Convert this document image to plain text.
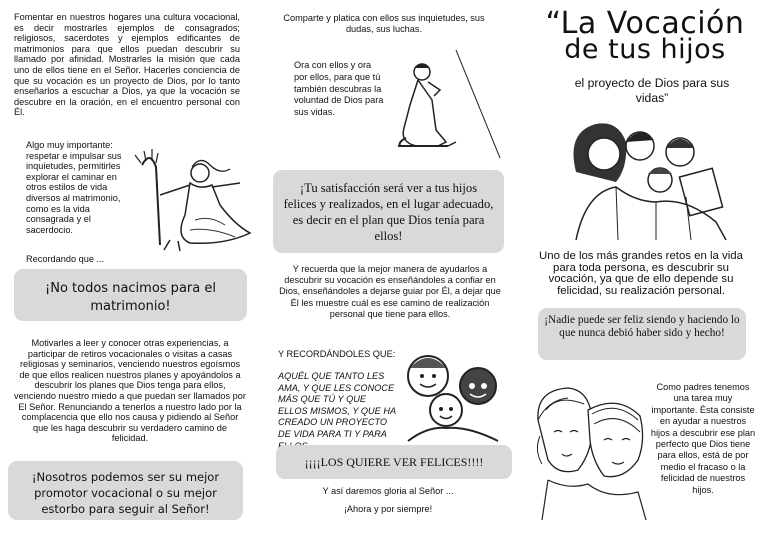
Fomentar en nuestros hogares una cultura vocacional, es decir mostrarles ejemplos de consagrados; religiosos, sacerdotes y ejemplos edificantes de matrimonios para que ellos puedan descubrir su llamado por afinidad. Mostrarles la misión que cada uno de ellos tiene en el Señor. Hacerles conciencia de que su vocación es un proyecto de Dios, por lo tanto enseñarlos a escuchar a Dios, ya que la vocación se descubre en la oración, en el encuentro personal con Él.

Algo muy importante: respetar e impulsar sus inquietudes, permitirles explorar el caminar en otros estilos de vida diversos al matrimonio, como es la vida consagrada y el sacerdocio.

Recordando que ...

¡No todos nacimos para el matrimonio!

Motivarles a leer y conocer otras experiencias, a participar de retiros vocacionales o visitas a casas religiosas y seminarios, venciendo nuestros egoísmos de que ellos realicen nuestros planes y apoyándolos a descubrir los planes que Dios tenga para ellos, venciendo nuestro miedo a que puedan ser llamados por El Señor. Renunciando a tenerlos a nuestro lado por la complacencia que ello nos causa y pidiendo al Señor que les haga descubrir su verdadero camino de felicidad.

¡Nosotros podemos ser su mejor promotor vocacional o su mejor estorbo para seguir al Señor!

Comparte y platica con ellos sus inquietudes, sus dudas, sus luchas.

Ora con ellos y ora por ellos, para que tú también descubras la voluntad de Dios para sus vidas.

¡Tu satisfacción será ver a tus hijos felices y realizados, en el lugar adecuado, es decir en el plan que Dios tenía para ellos!

Y recuerda que la mejor manera de ayudarlos a descubrir su vocación es enseñándoles a confiar en Dios, enseñándoles a dejarse guiar por Él, a dejar que Él les muestre cuál es ese camino de realización personal que tiene para ellos.

Y RECORDÁNDOLES QUE:

AQUÉL QUE TANTO LES
AMA, Y QUE LES CONOCE
MÁS QUE TÚ Y QUE
ELLOS MISMOS, Y QUE HA
CREADO UN PROYECTO
DE VIDA PARA TI Y PARA
¡¡¡¡LOS QUIERE VER FELICES!!!!

Y así daremos gloria al Señor ...

¡Ahora y por siempre!

“La Vocación
de tus hijos
el proyecto de Dios para sus vidas”

Uno de los más grandes retos en la vida para toda persona, es descubrir su vocación, ya que de ello depende su felicidad, su realización personal.

¡Nadie puede ser feliz siendo y haciendo lo que nunca debió haber sido y hecho!

Como padres tenemos una tarea muy importante. Ésta consiste en ayudar a nuestros hijos a descubrir ese plan perfecto que Dios tiene para ellos, está de por medio el fracaso o la felicidad de nuestros hijos.
